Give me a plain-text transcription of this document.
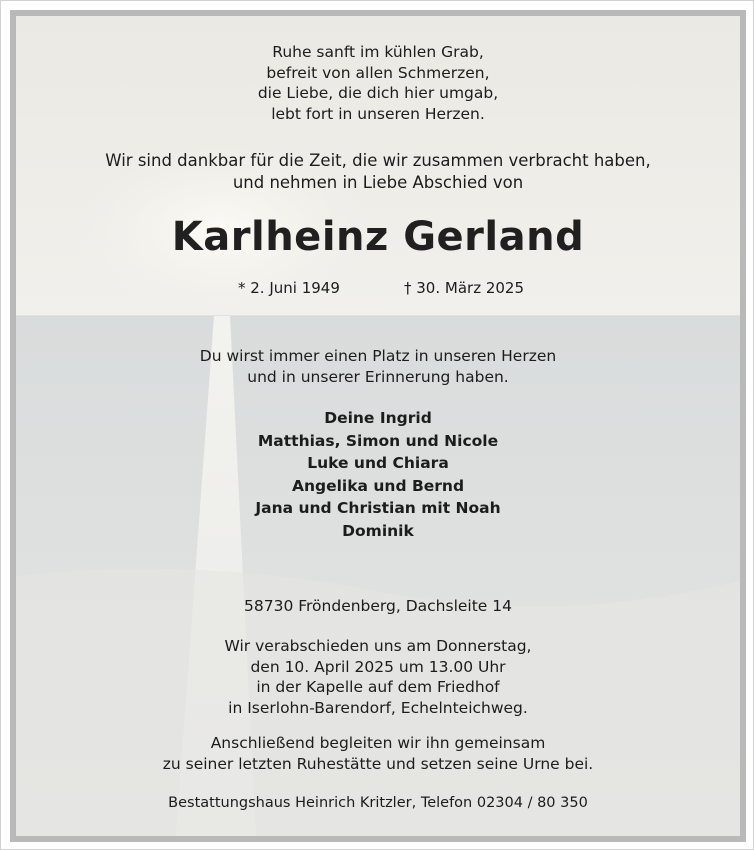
Ruhe sanft im kühlen Grab,
befreit von allen Schmerzen,
die Liebe, die dich hier umgab,
lebt fort in unseren Herzen.
Wir sind dankbar für die Zeit, die wir zusammen verbracht haben,
und nehmen in Liebe Abschied von
Karlheinz Gerland
* 2. Juni 1949	† 30. März 2025
Du wirst immer einen Platz in unseren Herzen
und in unserer Erinnerung haben.
Deine Ingrid
Matthias, Simon und Nicole
Luke und Chiara
Angelika und Bernd
Jana und Christian mit Noah
Dominik
58730 Fröndenberg, Dachsleite 14
Wir verabschieden uns am Donnerstag,
den 10. April 2025 um 13.00 Uhr
in der Kapelle auf dem Friedhof
in Iserlohn-Barendorf, Echelnteichweg.
Anschließend begleiten wir ihn gemeinsam
zu seiner letzten Ruhestätte und setzen seine Urne bei.
Bestattungshaus Heinrich Kritzler, Telefon 02304 / 80 350
